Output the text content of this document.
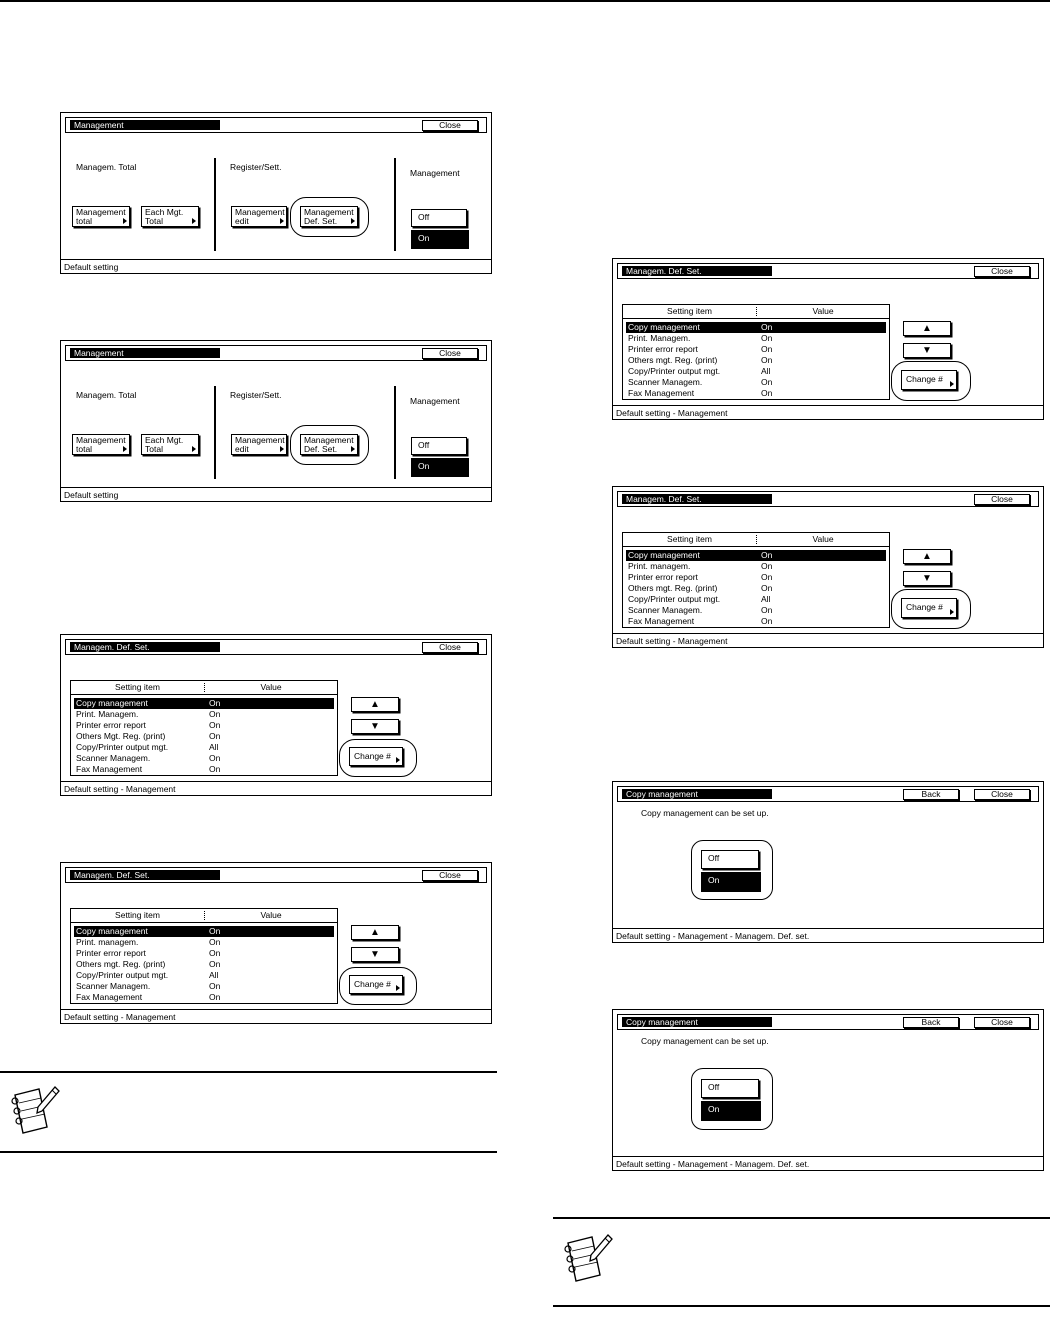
Management	Close
Managem. Total	Register/Sett.
Management
Management
total
Each Mgt.
Total
Management
edit
Management
Def. Set.	Off
On
Default setting
Management	Close
Managem. Total	Register/Sett.
Management
Management
total
Each Mgt.
Total
Management
edit
Management
Def. Set.	Off
On
Default setting
Managem. Def. Set.	Close
Setting item	Value
Copy management	On
Print. Managem.	On
Printer error report	On
Others Mgt. Reg. (print)	On
Copy/Printer output mgt.	All
Scanner Managem.	On
Fax Management	On
▲
▼
Change #
Default setting - Management
Managem. Def. Set.	Close
Setting item	Value
Copy management	On
Print. managem.	On
Printer error report	On
Others mgt. Reg. (print)	On
Copy/Printer output mgt.	All
Scanner Managem.	On
Fax Management	On
▲
▼
Change #
Default setting - Management
Managem. Def. Set.	Close
Setting item	Value
Copy management	On
Print. Managem.	On
Printer error report	On
Others mgt. Reg. (print)	On
Copy/Printer output mgt.	All
Scanner Managem.	On
Fax Management	On
▲
▼
Change #
Default setting - Management
Managem. Def. Set.	Close
Setting item	Value
Copy management	On
Print. managem.	On
Printer error report	On
Others mgt. Reg. (print)	On
Copy/Printer output mgt.	All
Scanner Managem.	On
Fax Management	On
▲
▼
Change #
Default setting - Management
Copy management	Back	Close
Copy management can be set up.
Off
On
Default setting - Management - Managem. Def. set.
Copy management	Back	Close
Copy management can be set up.
Off
On
Default setting - Management - Managem. Def. set.
